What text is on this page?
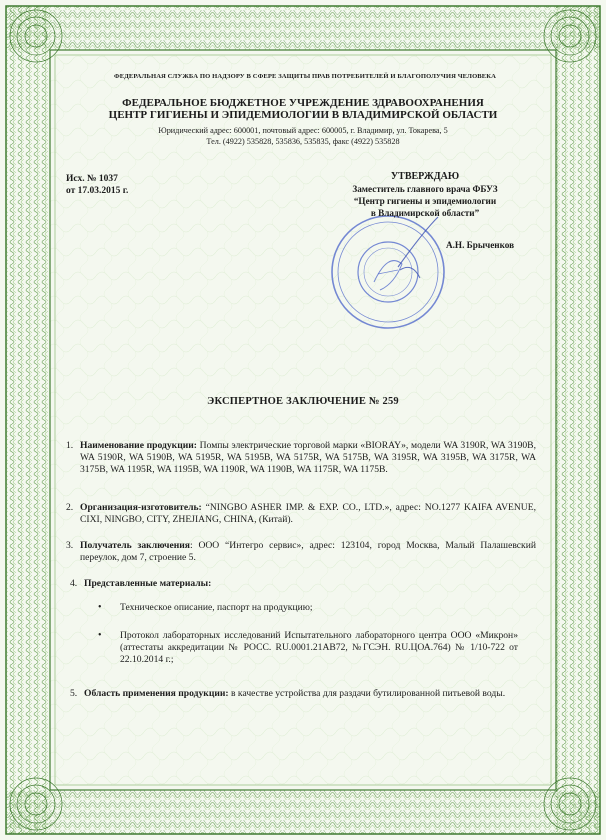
ФЕДЕРАЛЬНАЯ СЛУЖБА ПО НАДЗОРУ В СФЕРЕ ЗАЩИТЫ ПРАВ ПОТРЕБИТЕЛЕЙ И БЛАГОПОЛУЧИЯ ЧЕЛОВЕКА
ФЕДЕРАЛЬНОЕ БЮДЖЕТНОЕ УЧРЕЖДЕНИЕ ЗДРАВООХРАНЕНИЯ
ЦЕНТР ГИГИЕНЫ И ЭПИДЕМИОЛОГИИ В ВЛАДИМИРСКОЙ ОБЛАСТИ
Юридический адрес: 600001, почтовый адрес: 600005, г. Владимир, ул. Токарева, 5
Тел. (4922) 535828, 535836, 535835, факс (4922) 535828
Исх. № 1037
от 17.03.2015 г.
УТВЕРЖДАЮ
Заместитель главного врача ФБУЗ
“Центр гигиены и эпидемиологии
в Владимирской области”
А.Н. Брыченков
ЭКСПЕРТНОЕ ЗАКЛЮЧЕНИЕ № 259
1. Наименование продукции: Помпы электрические торговой марки «BIORAY», модели WA 3190R, WA 3190B, WA 5190R, WA 5190B, WA 5195R, WA 5195B, WA 5175R, WA 5175B, WA 3195R, WA 3195B, WA 3175R, WA 3175B, WA 1195R, WA 1195B, WA 1190R, WA 1190B, WA 1175R, WA 1175B.
2. Организация-изготовитель: “NINGBO ASHER IMP. & EXP. CO., LTD.», адрес: NO.1277 KAIFA AVENUE, CIXI, NINGBO, CITY, ZHEJIANG, CHINA, (Китай).
3. Получатель заключения: ООО “Интегро сервис», адрес: 123104, город Москва, Малый Палашевский переулок, дом 7, строение 5.
4. Представленные материалы:
• Техническое описание, паспорт на продукцию;
• Протокол лабораторных исследований Испытательного лабораторного центра ООО «Микрон» (аттестаты аккредитации № РОСС. RU.0001.21АВ72, №ГСЭН. RU.ЦОА.764) № 1/10-722 от 22.10.2014 г.;
5. Область применения продукции: в качестве устройства для раздачи бутилированной питьевой воды.
